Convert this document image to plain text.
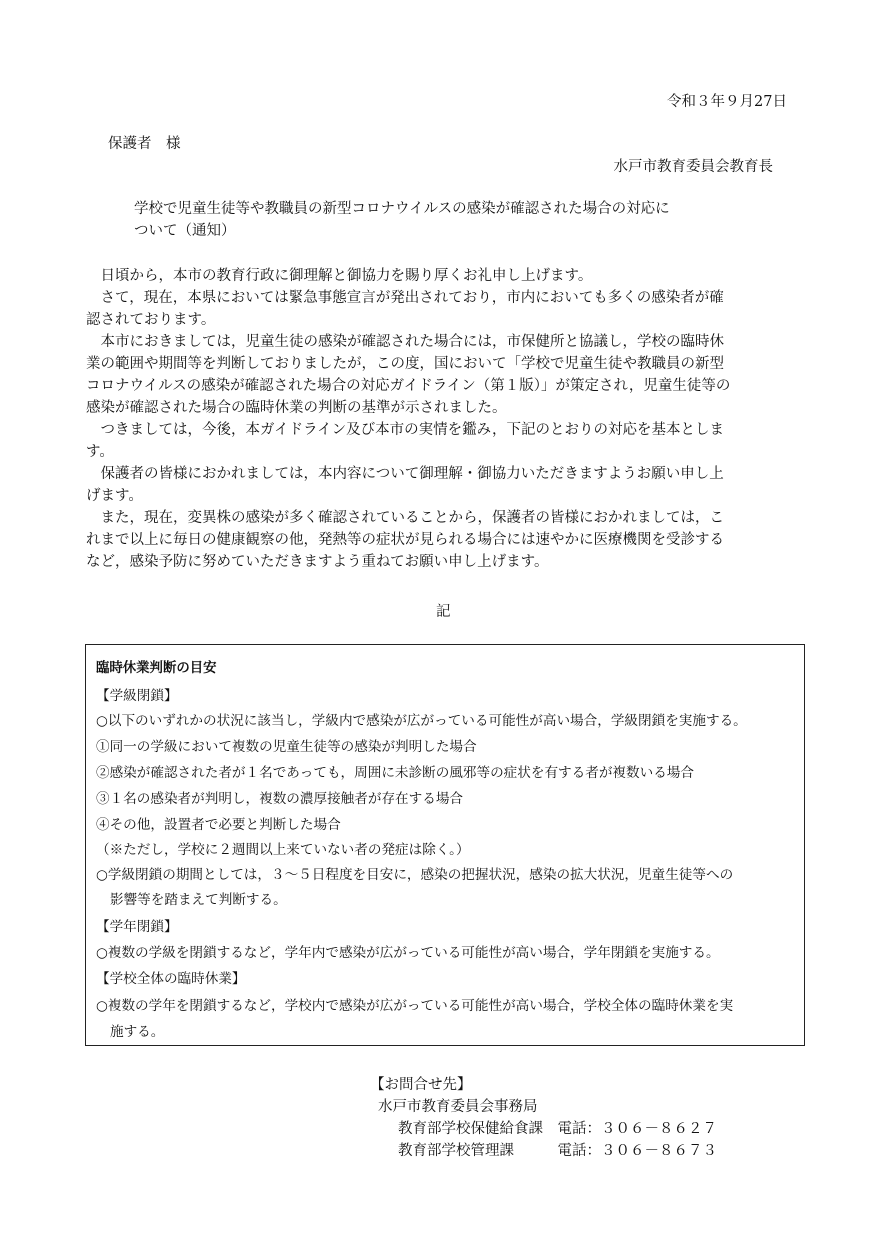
令和３年９月27日
保護者　様
水戸市教育委員会教育長
学校で児童生徒等や教職員の新型コロナウイルスの感染が確認された場合の対応に
ついて（通知）

　日頃から，本市の教育行政に御理解と御協力を賜り厚くお礼申し上げます。

　さて，現在，本県においては緊急事態宣言が発出されており，市内においても多くの感染者が確

認されております。

　本市におきましては，児童生徒の感染が確認された場合には，市保健所と協議し，学校の臨時休

業の範囲や期間等を判断しておりましたが，この度，国において「学校で児童生徒や教職員の新型

コロナウイルスの感染が確認された場合の対応ガイドライン（第１版）」が策定され，児童生徒等の

感染が確認された場合の臨時休業の判断の基準が示されました。

　つきましては，今後，本ガイドライン及び本市の実情を鑑み，下記のとおりの対応を基本としま

す。

　保護者の皆様におかれましては，本内容について御理解・御協力いただきますようお願い申し上

げます。

　また，現在，変異株の感染が多く確認されていることから，保護者の皆様におかれましては，こ

れまで以上に毎日の健康観察の他，発熱等の症状が見られる場合には速やかに医療機関を受診する

など，感染予防に努めていただきますよう重ねてお願い申し上げます。

記
臨時休業判断の目安
【学級閉鎖】
○以下のいずれかの状況に該当し，学級内で感染が広がっている可能性が高い場合，学級閉鎖を実施する。
①同一の学級において複数の児童生徒等の感染が判明した場合
②感染が確認された者が１名であっても，周囲に未診断の風邪等の症状を有する者が複数いる場合
③１名の感染者が判明し，複数の濃厚接触者が存在する場合
④その他，設置者で必要と判断した場合
（※ただし，学校に２週間以上来ていない者の発症は除く。）
○学級閉鎖の期間としては，３～５日程度を目安に，感染の把握状況，感染の拡大状況，児童生徒等への
影響等を踏まえて判断する。
【学年閉鎖】
○複数の学級を閉鎖するなど，学年内で感染が広がっている可能性が高い場合，学年閉鎖を実施する。
【学校全体の臨時休業】
○複数の学年を閉鎖するなど，学校内で感染が広がっている可能性が高い場合，学校全体の臨時休業を実
施する。
【お問合せ先】
水戸市教育委員会事務局
教育部学校保健給食課　電話：３０６－８６２７
教育部学校管理課　　　電話：３０６－８６７３
